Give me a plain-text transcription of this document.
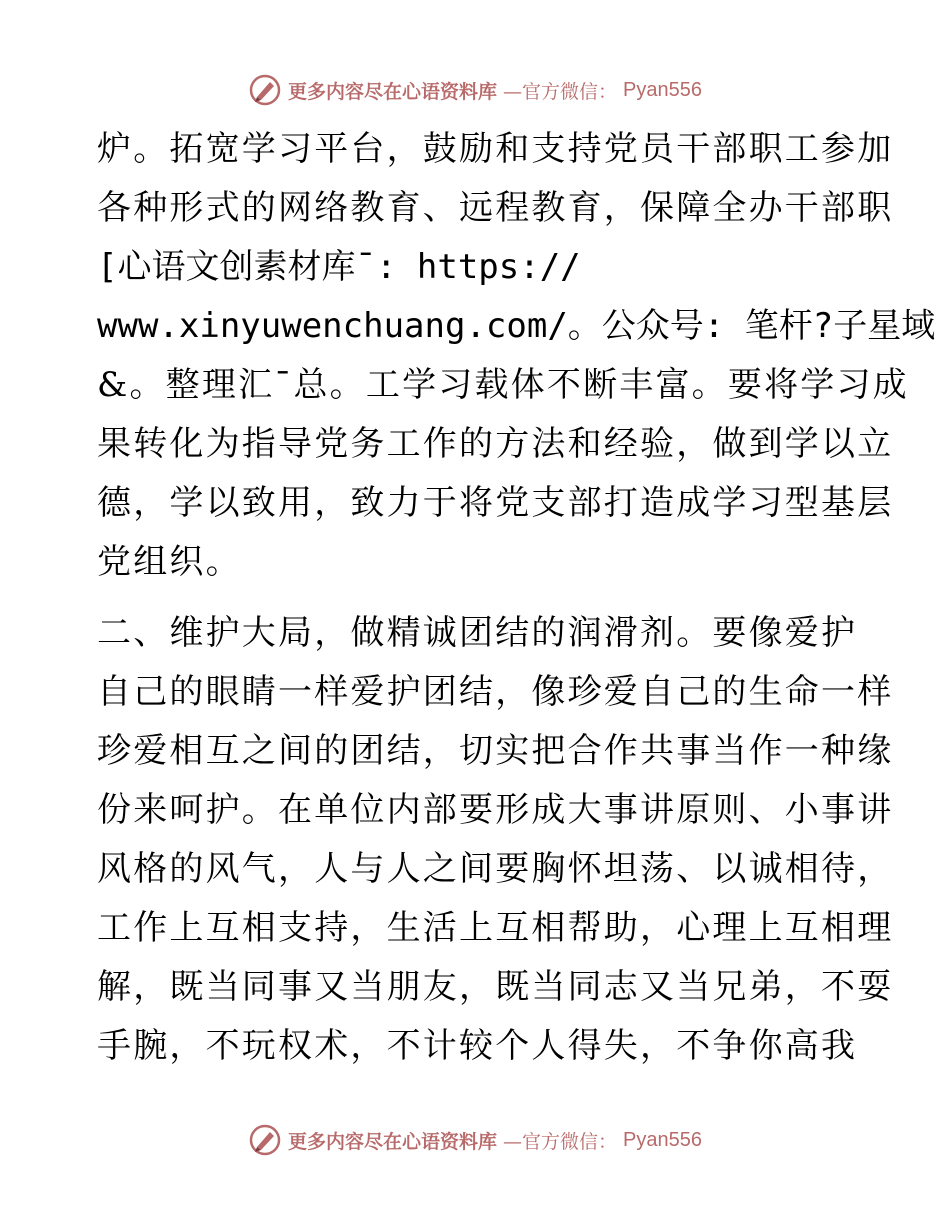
更多内容尽在心语资料库 —官方微信： Pyan556
炉。拓宽学习平台，鼓励和支持党员干部职工参加
各种形式的网络教育、远程教育，保障全办干部职
[心语文创素材库¯: https://
www.xinyuwenchuang.com/。公众号: 笔杆?子星域
&。整理汇¯总。工学习载体不断丰富。要将学习成
果转化为指导党务工作的方法和经验，做到学以立
德，学以致用，致力于将党支部打造成学习型基层
党组织。
二、维护大局，做精诚团结的润滑剂。要像爱护
自己的眼睛一样爱护团结，像珍爱自己的生命一样
珍爱相互之间的团结，切实把合作共事当作一种缘
份来呵护。在单位内部要形成大事讲原则、小事讲
风格的风气，人与人之间要胸怀坦荡、以诚相待，
工作上互相支持，生活上互相帮助，心理上互相理
解，既当同事又当朋友，既当同志又当兄弟，不耍
手腕，不玩权术，不计较个人得失，不争你高我
更多内容尽在心语资料库 —官方微信： Pyan556
